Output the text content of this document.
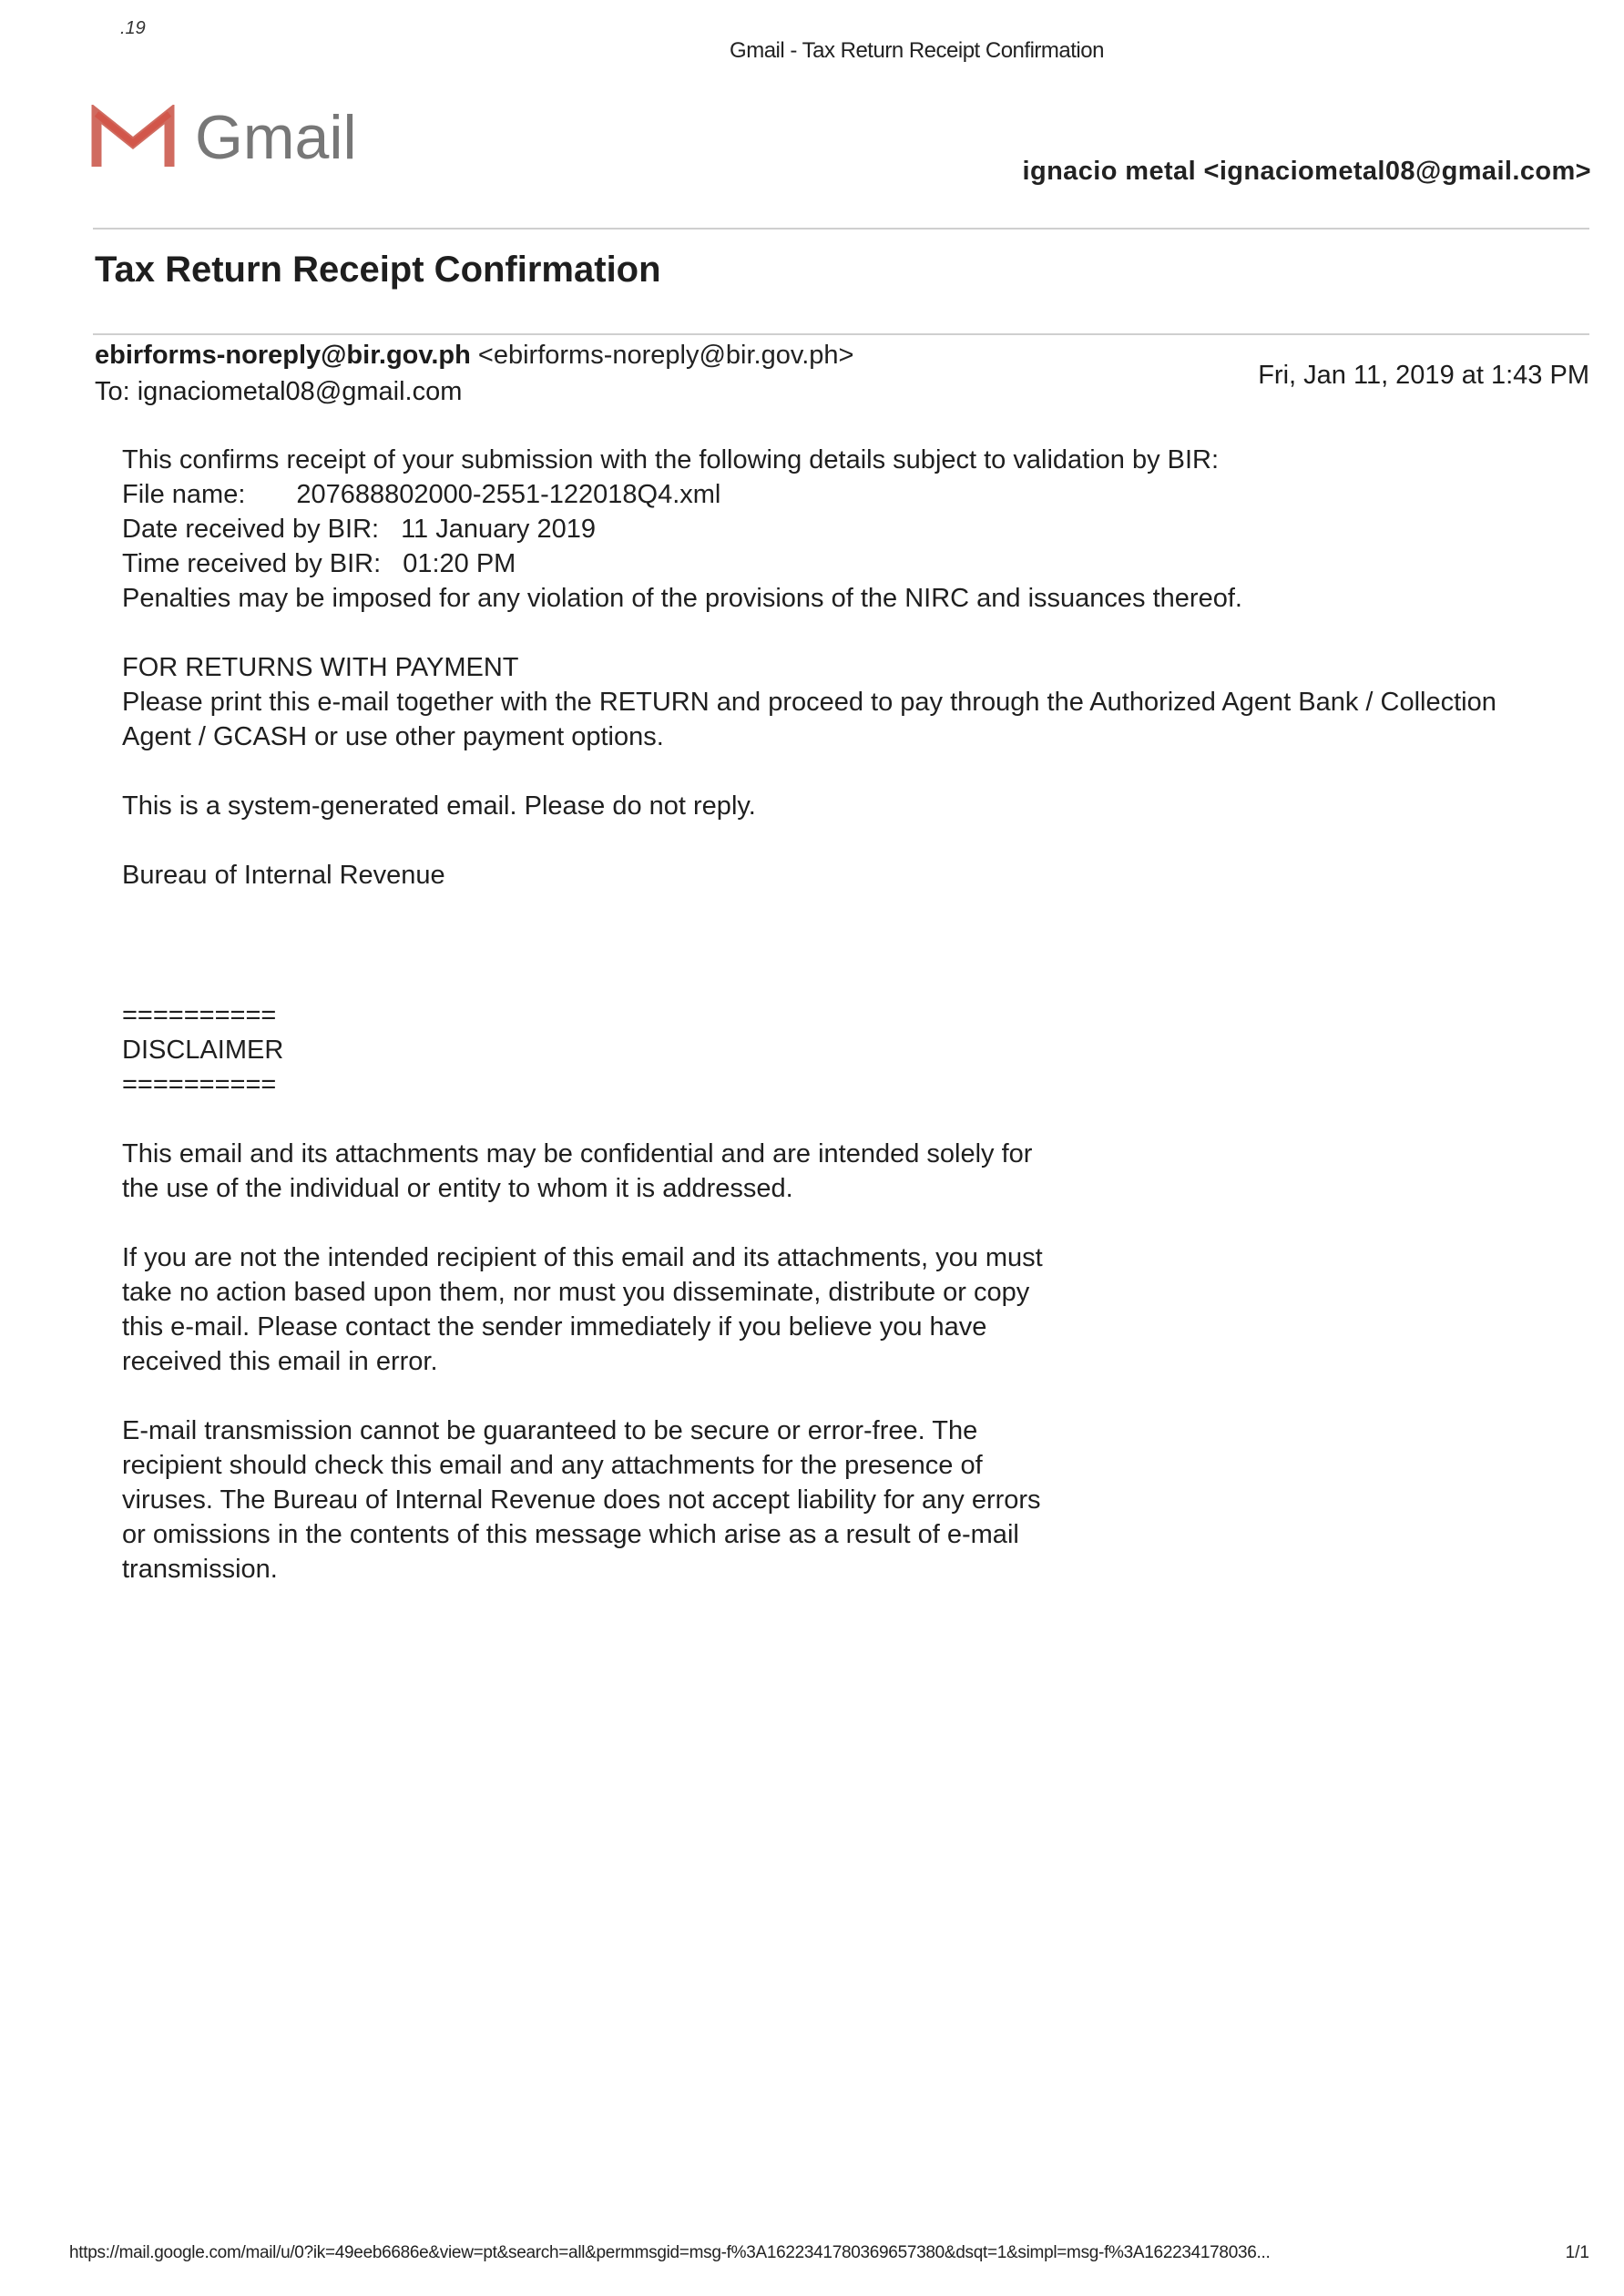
.19
Gmail - Tax Return Receipt Confirmation
Gmail	ignacio metal <ignaciometal08@gmail.com>
Tax Return Receipt Confirmation
ebirforms-noreply@bir.gov.ph <ebirforms-noreply@bir.gov.ph>
To: ignaciometal08@gmail.com
Fri, Jan 11, 2019 at 1:43 PM

This confirms receipt of your submission with the following details subject to validation by BIR:

File name: 207688802000-2551-122018Q4.xml
Date received by BIR: 11 January 2019
Time received by BIR: 01:20 PM

Penalties may be imposed for any violation of the provisions of the NIRC and issuances thereof.

FOR RETURNS WITH PAYMENT

Please print this e-mail together with the RETURN and proceed to pay through the Authorized Agent Bank / Collection Agent / GCASH or use other payment options.

This is a system-generated email. Please do not reply.

Bureau of Internal Revenue

==========

DISCLAIMER

==========

This email and its attachments may be confidential and are intended solely for the use of the individual or entity to whom it is addressed.

If you are not the intended recipient of this email and its attachments, you must take no action based upon them, nor must you disseminate, distribute or copy this e-mail. Please contact the sender immediately if you believe you have received this email in error.

E-mail transmission cannot be guaranteed to be secure or error-free. The recipient should check this email and any attachments for the presence of viruses. The Bureau of Internal Revenue does not accept liability for any errors or omissions in the contents of this message which arise as a result of e-mail transmission.

https://mail.google.com/mail/u/0?ik=49eeb6686e&view=pt&search=all&permmsgid=msg-f%3A1622341780369657380&dsqt=1&simpl=msg-f%3A162234178036...	1/1
